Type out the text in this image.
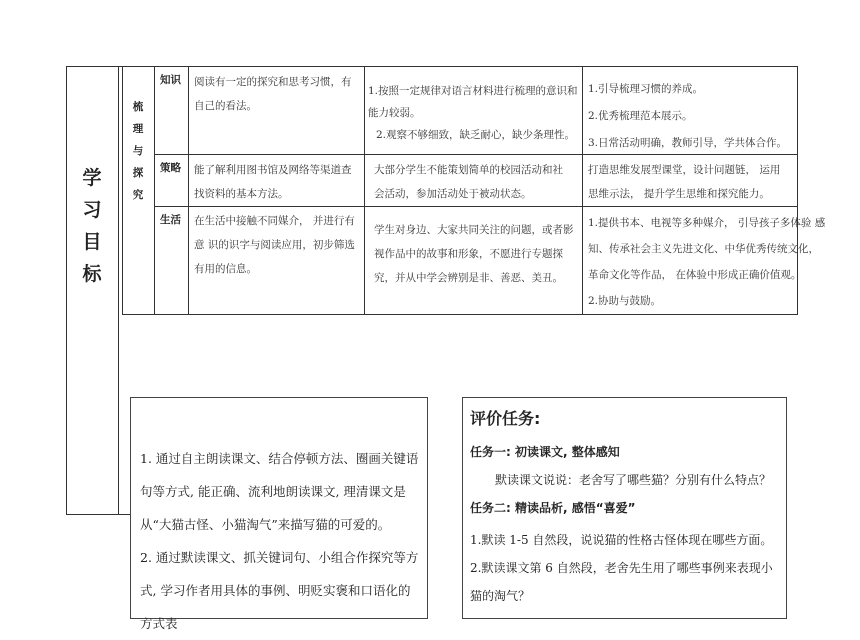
学
习
目
标
梳
理
与
探
究
知识
策略
生活
阅读有一定的探究和思考习惯，有自己的看法。
1.按照一定规律对语言材料进行梳理的意识和能力较弱。
2.观察不够细致，缺乏耐心，缺少条理性。
1.引导梳理习惯的养成。
2.优秀梳理范本展示。
3.日常活动明确，教师引导，学共体合作。
能了解利用图书馆及网络等渠道查 找资料的基本方法。
大部分学生不能策划简单的校园活动和社会活动，参加活动处于被动状态。
打造思维发展型课堂，设计问题链， 运用思维示法， 提升学生思维和探究能力。
在生活中接触不同媒介， 并进行有意 识的识字与阅读应用，初步筛选有用的信息。
学生对身边、大家共同关注的问题，或者影 视作品中的故事和形象，不愿进行专题探 究，并从中学会辨别是非、善恶、美丑。
1.提供书本、电视等多种媒介， 引导孩子多体验 感知、传承社会主义先进文化、中华优秀传统文化， 革命文化等作品， 在体验中形成正确价值观。
2.协助与鼓励。

1. 通过自主朗读课文、结合停顿方法、圈画关键语句等方式, 能正确、流利地朗读课文, 理清课文是从“大猫古怪、小猫淘气”来描写猫的可爱的。

2. 通过默读课文、抓关键词句、小组合作探究等方式, 学习作者用具体的事例、明贬实褒和口语化的方式表

评价任务:
任务一: 初读课文, 整体感知
默读课文说说：老舍写了哪些猫？分别有什么特点？
任务二: 精读品析, 感悟“喜爱”
1.默读 1-5 自然段，说说猫的性格古怪体现在哪些方面。
2.默读课文第 6 自然段，老舍先生用了哪些事例来表现小猫的淘气？
